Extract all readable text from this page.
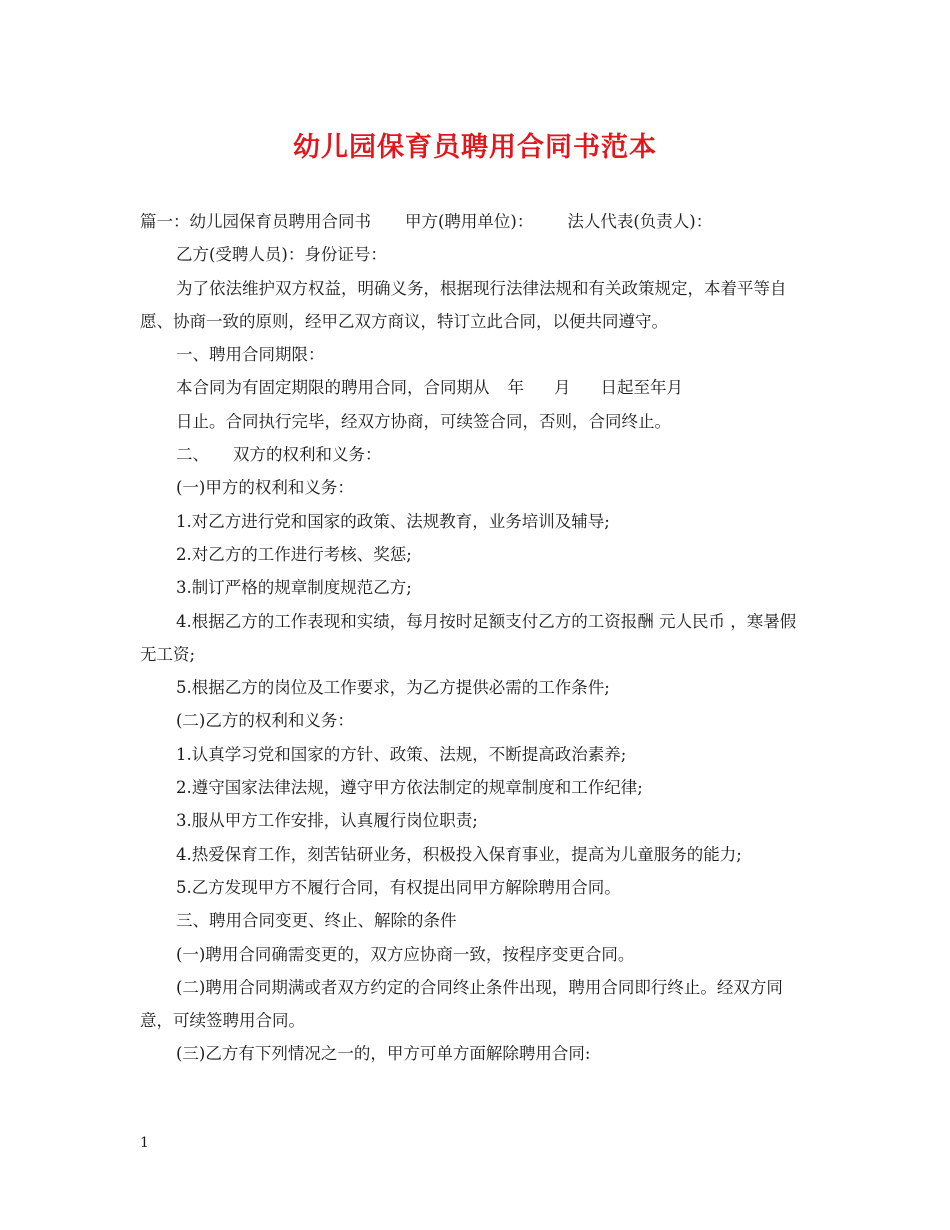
幼儿园保育员聘用合同书范本

篇一：幼儿园保育员聘用合同书 甲方(聘用单位)： 法人代表(负责人)：

乙方(受聘人员)：身份证号：

为了依法维护双方权益，明确义务，根据现行法律法规和有关政策规定，本着平等自愿、协商一致的原则，经甲乙双方商议，特订立此合同，以便共同遵守。

一、聘用合同期限：

本合同为有固定期限的聘用合同，合同期从 年 月 日起至年月

日止。合同执行完毕，经双方协商，可续签合同，否则，合同终止。

二、 双方的权利和义务：

(一)甲方的权利和义务：

1.对乙方进行党和国家的政策、法规教育，业务培训及辅导;

2.对乙方的工作进行考核、奖惩;

3.制订严格的规章制度规范乙方;

4.根据乙方的工作表现和实绩，每月按时足额支付乙方的工资报酬 元人民币 ，寒暑假无工资;

5.根据乙方的岗位及工作要求，为乙方提供必需的工作条件;

(二)乙方的权利和义务：

1.认真学习党和国家的方针、政策、法规，不断提高政治素养;

2.遵守国家法律法规，遵守甲方依法制定的规章制度和工作纪律;

3.服从甲方工作安排，认真履行岗位职责;

4.热爱保育工作，刻苦钻研业务，积极投入保育事业，提高为儿童服务的能力;

5.乙方发现甲方不履行合同，有权提出同甲方解除聘用合同。

三、聘用合同变更、终止、解除的条件

(一)聘用合同确需变更的，双方应协商一致，按程序变更合同。

(二)聘用合同期满或者双方约定的合同终止条件出现，聘用合同即行终止。经双方同意，可续签聘用合同。

(三)乙方有下列情况之一的，甲方可单方面解除聘用合同:

1
